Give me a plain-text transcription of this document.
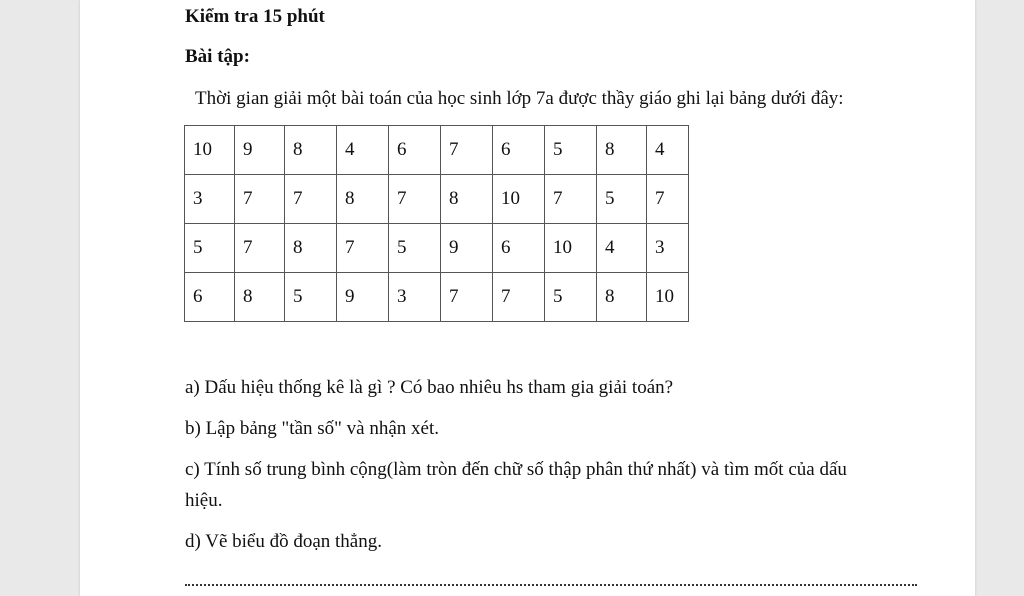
Kiểm tra 15 phút
Bài tập:
Thời gian giải một bài toán của học sinh lớp 7a được thầy giáo ghi lại bảng dưới đây:
10	9	8	4	6	7	6	5	8	4
3	7	7	8	7	8	10	7	5	7
5	7	8	7	5	9	6	10	4	3
6	8	5	9	3	7	7	5	8	10
a) Dấu hiệu thống kê là gì ? Có bao nhiêu hs tham gia giải toán?
b) Lập bảng "tần số" và nhận xét.
c) Tính số trung bình cộng(làm tròn đến chữ số thập phân thứ nhất) và tìm mốt của dấu
hiệu.
d) Vẽ biểu đồ đoạn thẳng.
